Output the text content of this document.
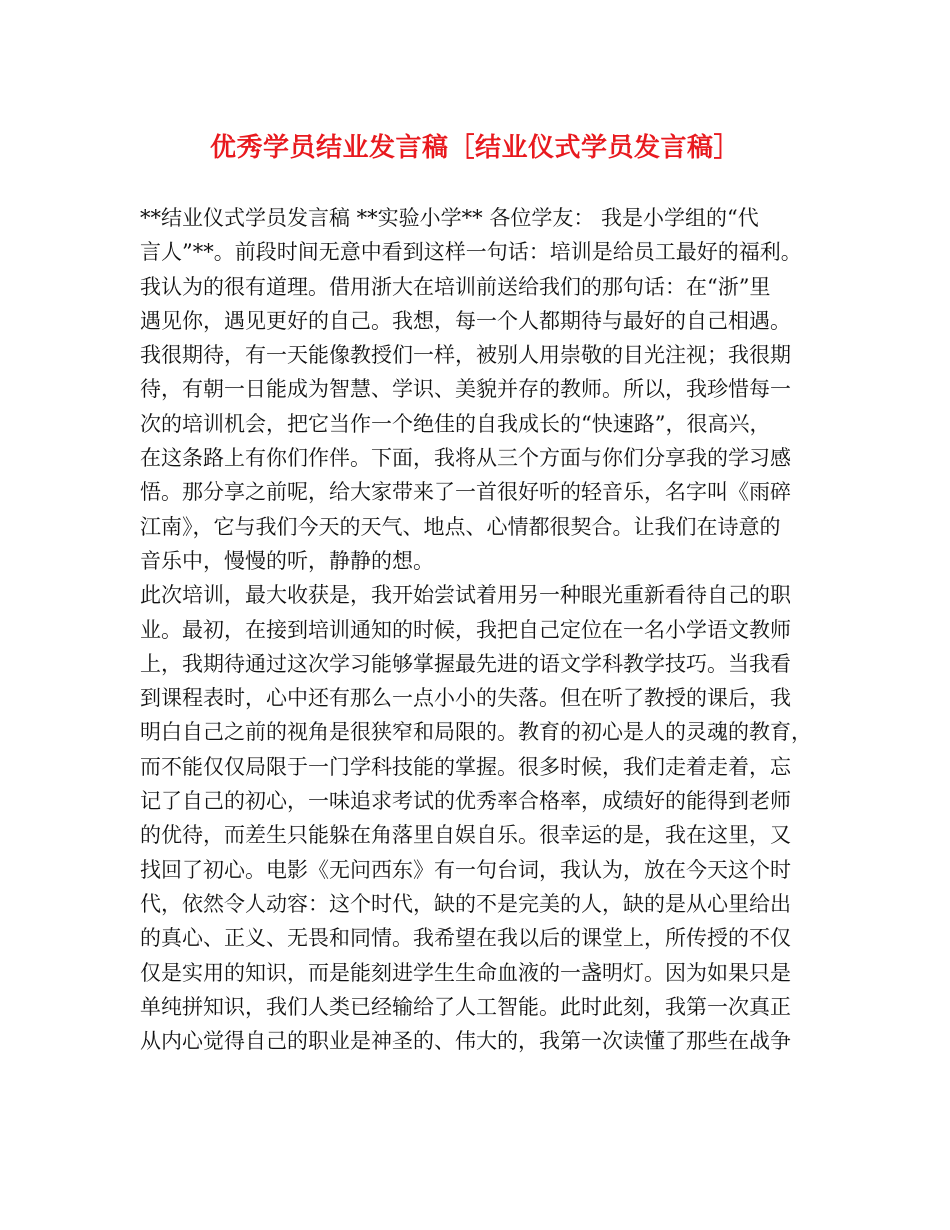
优秀学员结业发言稿［结业仪式学员发言稿］
**结业仪式学员发言稿 **实验小学** 各位学友： 我是小学组的“代
言人”**。前段时间无意中看到这样一句话：培训是给员工最好的福利。
我认为的很有道理。借用浙大在培训前送给我们的那句话：在“浙”里
遇见你，遇见更好的自己。我想，每一个人都期待与最好的自己相遇。
我很期待，有一天能像教授们一样，被别人用崇敬的目光注视；我很期
待，有朝一日能成为智慧、学识、美貌并存的教师。所以，我珍惜每一
次的培训机会，把它当作一个绝佳的自我成长的“快速路”，很高兴，
在这条路上有你们作伴。下面，我将从三个方面与你们分享我的学习感
悟。那分享之前呢，给大家带来了一首很好听的轻音乐，名字叫《雨碎
江南》，它与我们今天的天气、地点、心情都很契合。让我们在诗意的
音乐中，慢慢的听，静静的想。
此次培训，最大收获是，我开始尝试着用另一种眼光重新看待自己的职
业。最初，在接到培训通知的时候，我把自己定位在一名小学语文教师
上，我期待通过这次学习能够掌握最先进的语文学科教学技巧。当我看
到课程表时，心中还有那么一点小小的失落。但在听了教授的课后，我
明白自己之前的视角是很狭窄和局限的。教育的初心是人的灵魂的教育，
而不能仅仅局限于一门学科技能的掌握。很多时候，我们走着走着，忘
记了自己的初心，一味追求考试的优秀率合格率，成绩好的能得到老师
的优待，而差生只能躲在角落里自娱自乐。很幸运的是，我在这里，又
找回了初心。电影《无问西东》有一句台词，我认为，放在今天这个时
代，依然令人动容：这个时代，缺的不是完美的人，缺的是从心里给出
的真心、正义、无畏和同情。我希望在我以后的课堂上，所传授的不仅
仅是实用的知识，而是能刻进学生生命血液的一盏明灯。因为如果只是
单纯拼知识，我们人类已经输给了人工智能。此时此刻，我第一次真正
从内心觉得自己的职业是神圣的、伟大的，我第一次读懂了那些在战争
